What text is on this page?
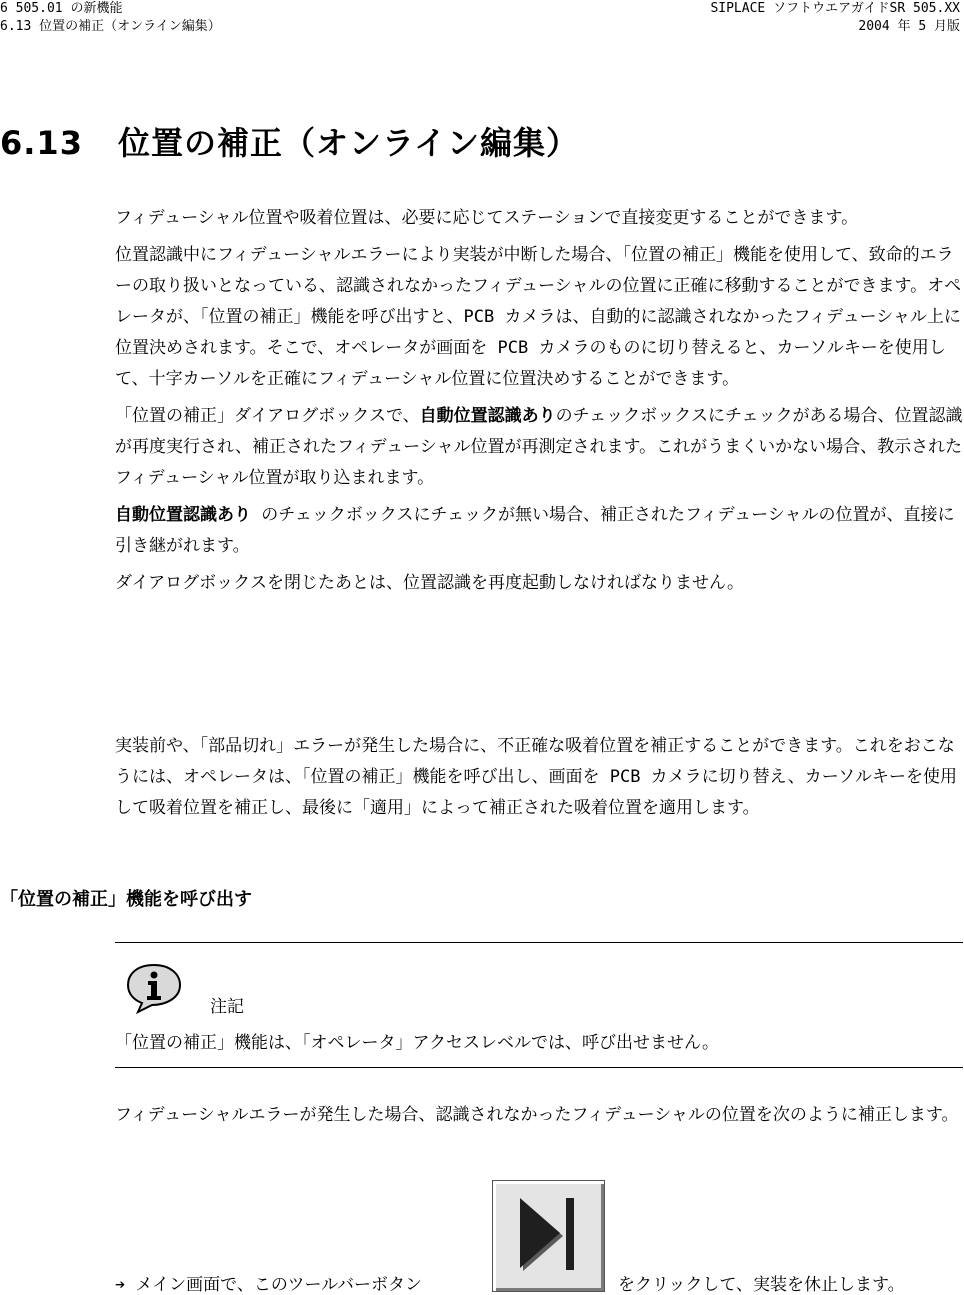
6 505.01 の新機能
6.13 位置の補正（オンライン編集）
SIPLACE ソフトウエアガイドSR 505.XX
2004 年 5 月版
6.13 位置の補正（オンライン編集）

フィデューシャル位置や吸着位置は、必要に応じてステーションで直接変更することができます。

位置認識中にフィデューシャルエラーにより実装が中断した場合、「位置の補正」機能を使用して、致命的エラーの取り扱いとなっている、認識されなかったフィデューシャルの位置に正確に移動することができます。オペレータが、「位置の補正」機能を呼び出すと、PCB カメラは、自動的に認識されなかったフィデューシャル上に位置決めされます。そこで、オペレータが画面を PCB カメラのものに切り替えると、カーソルキーを使用して、十字カーソルを正確にフィデューシャル位置に位置決めすることができます。

「位置の補正」ダイアログボックスで、自動位置認識ありのチェックボックスにチェックがある場合、位置認識が再度実行され、補正されたフィデューシャル位置が再測定されます。これがうまくいかない場合、教示されたフィデューシャル位置が取り込まれます。

自動位置認識あり のチェックボックスにチェックが無い場合、補正されたフィデューシャルの位置が、直接に引き継がれます。

ダイアログボックスを閉じたあとは、位置認識を再度起動しなければなりません。

実装前や、「部品切れ」エラーが発生した場合に、不正確な吸着位置を補正することができます。これをおこなうには、オペレータは、「位置の補正」機能を呼び出し、画面を PCB カメラに切り替え、カーソルキーを使用して吸着位置を補正し、最後に「適用」によって補正された吸着位置を適用します。

「位置の補正」機能を呼び出す
注記
「位置の補正」機能は、「オペレータ」アクセスレベルでは、呼び出せません。

フィデューシャルエラーが発生した場合、認識されなかったフィデューシャルの位置を次のように補正します。

➔ メイン画面で、このツールバーボタン	をクリックして、実装を休止します。
